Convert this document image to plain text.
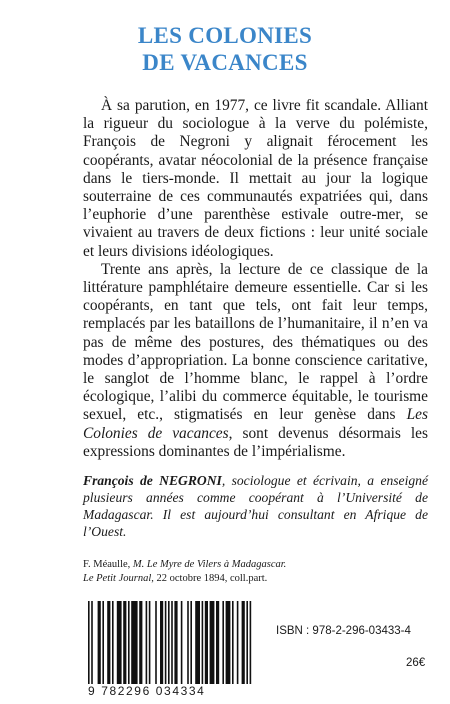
LES COLONIES
DE VACANCES

À sa parution, en 1977, ce livre fit scandale. Alliant la rigueur du sociologue à la verve du polémiste, François de Negroni y alignait férocement les coopérants, avatar néocolonial de la présence française dans le tiers-monde. Il mettait au jour la logique souterraine de ces communautés expatriées qui, dans l’euphorie d’une parenthèse estivale outre-mer, se vivaient au travers de deux fictions : leur unité sociale et leurs divisions idéologiques.

Trente ans après, la lecture de ce classique de la littérature pamphlétaire demeure essentielle. Car si les coopérants, en tant que tels, ont fait leur temps, remplacés par les bataillons de l’humanitaire, il n’en va pas de même des postures, des thématiques ou des modes d’appropriation. La bonne conscience caritative, le sanglot de l’homme blanc, le rappel à l’ordre écologique, l’alibi du commerce équitable, le tourisme sexuel, etc., stigmatisés en leur genèse dans Les Colonies de vacances, sont devenus désormais les expressions dominantes de l’impérialisme.

François de NEGRONI, sociologue et écrivain, a enseigné plusieurs années comme coopérant à l’Université de Madagascar. Il est aujourd’hui consultant en Afrique de l’Ouest.
F. Méaulle, M. Le Myre de Vilers à Madagascar.
Le Petit Journal, 22 octobre 1894, coll.part.
9 782296 034334
ISBN : 978-2-296-03433-4
26€
